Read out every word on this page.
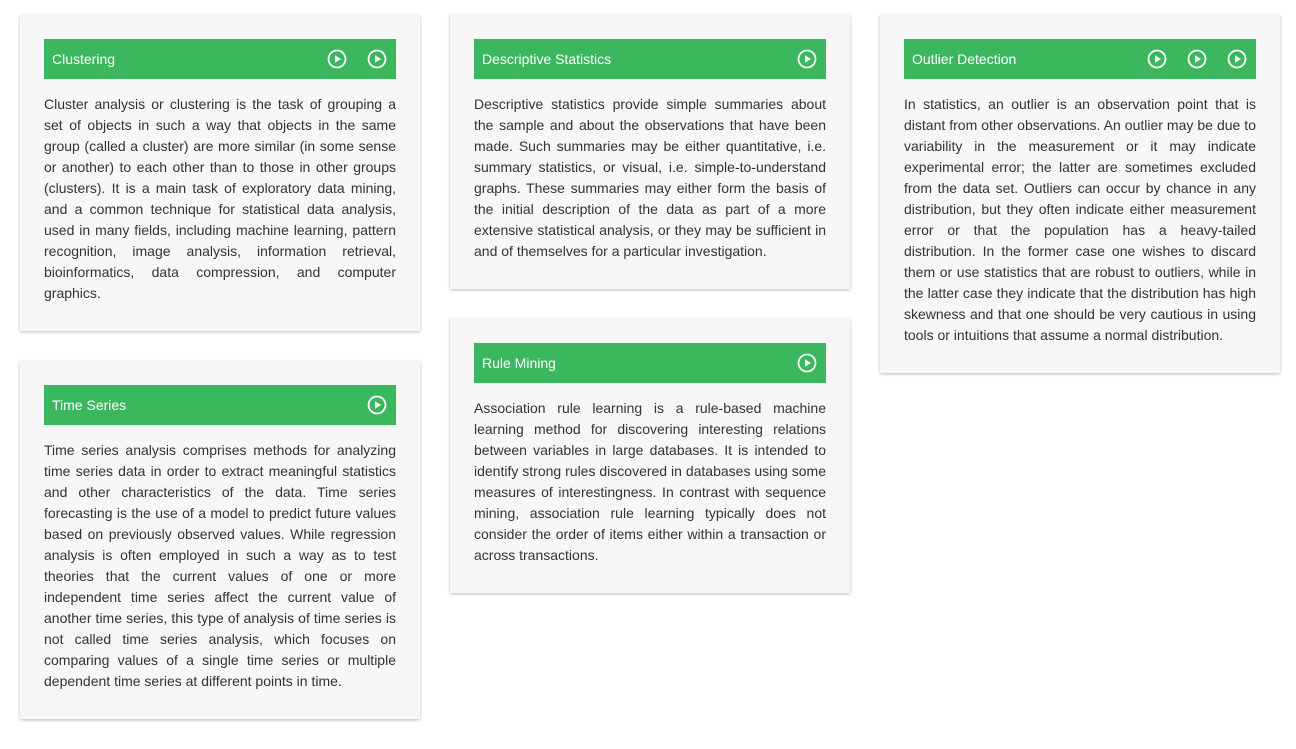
Clustering

Cluster analysis or clustering is the task of grouping a set of objects in such a way that objects in the same group (called a cluster) are more similar (in some sense or another) to each other than to those in other groups (clusters). It is a main task of exploratory data mining, and a common technique for statistical data analysis, used in many fields, including machine learning, pattern recognition, image analysis, information retrieval, bioinformatics, data compression, and computer graphics.

Time Series

Time series analysis comprises methods for analyzing time series data in order to extract meaningful statistics and other characteristics of the data. Time series forecasting is the use of a model to predict future values based on previously observed values. While regression analysis is often employed in such a way as to test theories that the current values of one or more independent time series affect the current value of another time series, this type of analysis of time series is not called time series analysis, which focuses on comparing values of a single time series or multiple dependent time series at different points in time.

Descriptive Statistics

Descriptive statistics provide simple summaries about the sample and about the observations that have been made. Such summaries may be either quantitative, i.e. summary statistics, or visual, i.e. simple-to-understand graphs. These summaries may either form the basis of the initial description of the data as part of a more extensive statistical analysis, or they may be sufficient in and of themselves for a particular investigation.

Rule Mining

Association rule learning is a rule-based machine learning method for discovering interesting relations between variables in large databases. It is intended to identify strong rules discovered in databases using some measures of interestingness. In contrast with sequence mining, association rule learning typically does not consider the order of items either within a transaction or across transactions.

Outlier Detection

In statistics, an outlier is an observation point that is distant from other observations. An outlier may be due to variability in the measurement or it may indicate experimental error; the latter are sometimes excluded from the data set. Outliers can occur by chance in any distribution, but they often indicate either measurement error or that the population has a heavy-tailed distribution. In the former case one wishes to discard them or use statistics that are robust to outliers, while in the latter case they indicate that the distribution has high skewness and that one should be very cautious in using tools or intuitions that assume a normal distribution.
